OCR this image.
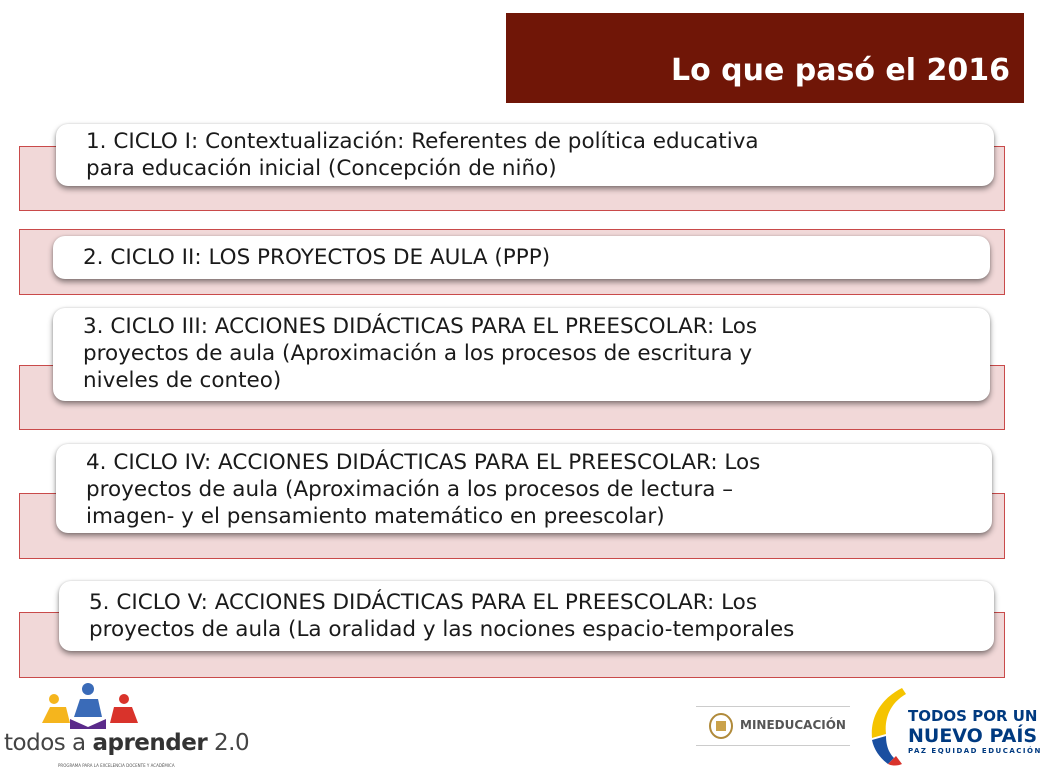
Lo que pasó el 2016
1. CICLO I: Contextualización: Referentes de política educativa
para educación inicial (Concepción de niño)
2. CICLO II: LOS PROYECTOS DE AULA (PPP)
3. CICLO III: ACCIONES DIDÁCTICAS PARA EL PREESCOLAR: Los
proyectos de aula (Aproximación a los procesos de escritura y
niveles de conteo)
4. CICLO IV: ACCIONES DIDÁCTICAS PARA EL PREESCOLAR: Los
proyectos de aula (Aproximación a los procesos de lectura –
imagen- y el pensamiento matemático en preescolar)
5. CICLO V: ACCIONES DIDÁCTICAS PARA EL PREESCOLAR: Los
proyectos de aula (La oralidad y las nociones espacio-temporales
todos a aprender 2.0
PROGRAMA PARA LA EXCELENCIA DOCENTE Y ACADÉMICA
MINEDUCACIÓN	TODOS POR UN
NUEVO PAÍS
PAZ EQUIDAD EDUCACIÓN
